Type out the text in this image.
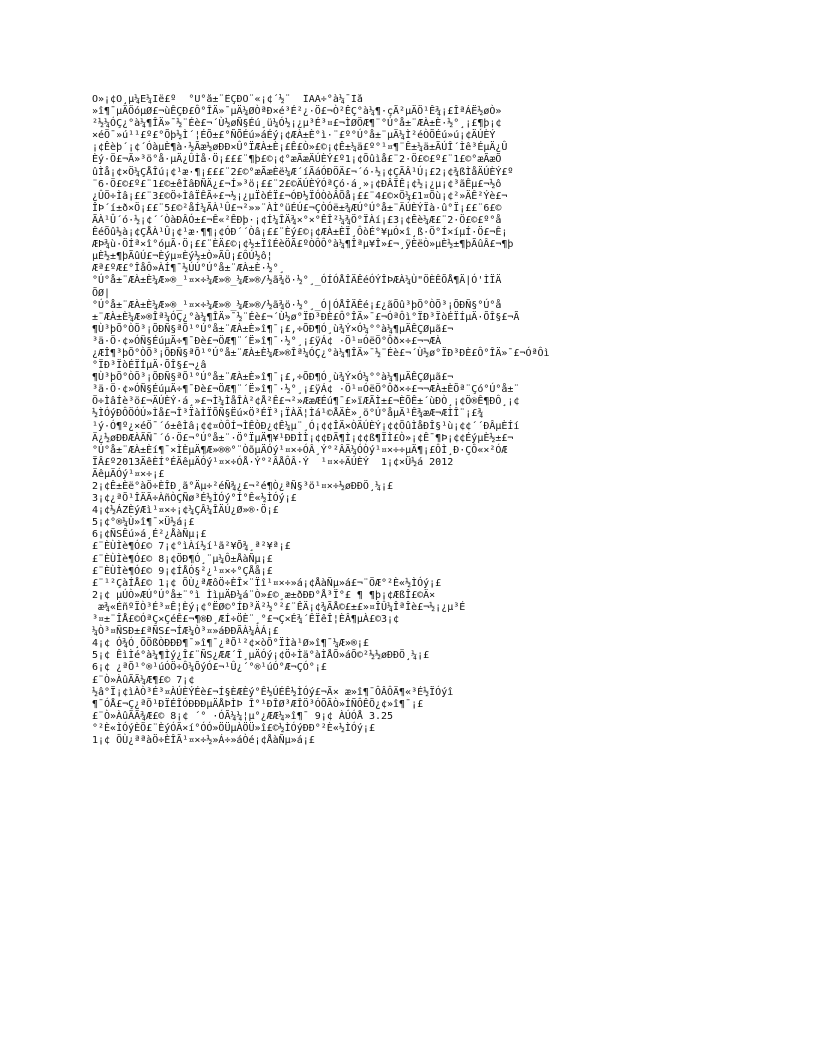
Ò»¡¢Ö¸µ¼Ë¼Ïë£º  °Ú°å±¨ÊÇÐÕ¨«¡¢´½¨  ÎÄÃ÷°à¼¯Ìå
»î¶¯µÄÖóµØ£¬ùÊÇÐ£Ô°ÎÄ»¯µÄ¼ØÒªÐ×é³É²¿·Ö£¬Ò²ÊÇ°à¼¶·çÃ²µÄÖ¹Ê¾¡£ÎªÁË½øÒ»
²½¼ÓÇ¿°à¼¶ÎÄ»¯½¨Éè£¬´Ù½øÑ§Éú¸ü¼Ó½¡¿µ³É³¤£¬ÌØÖÆ¶¨°Ú°å±¨ÆÀ±È·½°¸¡£¶þ¡¢
×éÖ¯»ú¹¹£º£°Õþ½Ì´¦ÉÕ±£°ÑÕÉú»áÉý¡¢ÆÀ±È°ì·¨£º°Ú°å±¨µÄ¼Ì²éÒÕÉú»ú¡¢ÄÚÈÝ
¡¢Êèþ´¡¢´ÓàµÈ¶à·½Ãæ½øÐÐ×Û°ÏÆÀ±È¡£Ê£Ò»£©¡¢Ê±¼ä£º°¹¤¶¨Ê±¼ä±ÃÚÎ´Ìê³ÉµÄ¿Û
Èý·Ö£¬Ã»³ö°å·µÄ¿ÛÌå·Ö¡£££¨¶þ£©¡¢°æÃæÄÚÈÝ£º1¡¢Õûìå£¨2·Ö£©£º£¨1£©°æÃæÕ
ûÌå¡¢×Ö¼ÇÅÎú¡¢¹æ·¶¡£££¨2£©°æÃæÈë¼Æ´íÃáÓÐÖÄ£¬´ó·½¡¢ÇÃÂ¹Ú¡£2¡¢¾ßÌåÄÚÈÝ£º
¨6·Ö£©£º£¨1£©±êÌâÐÑÄ¿£¬Í»³ö¡££¨2£©ÄÚÈÝÓªÇó·á¸»¡¢ÐÂÏÊ¡¢½¡¿µ¡¢³ãÊµ£¬½ô
¿ÛÖ÷Ìâ¡££¨3£©Ö÷ÌâÏÊÃ÷£¬½¡¿µÏòÉÏ£¬ÓÐ½ÏÓÒòÂÕå¡££¨4£©×Ö¼£1¤Õù¡¢²»ÄÊ²Ýè£¬
ÎÞ´í±ð×Ö¡££¨5£©²åÍ¼ÃÀ¹Û£¬²»»¨ÀÌ°üÉÚ£¬ÇÒÓë±¾ÆÚ°Ú°å±¨ÄÚÈÝÏà·û°Ï¡££¨6£©
ÃÀ¹Û´ó·½¡¢´´ÒàÐÂÓ±£¬Ê«²ÊÐþ·¡¢Í¼ÎÄ¾×°×°ÊÎ²¼¾Ö°ÏÀí¡£3¡¢Êè¼Æ£¨2·Ö£©£º°å
ÊéÕû½à¡¢ÇÅÀ¹Û¡¢¹æ·¶¶¡¢ÓÐ´´Òâ¡££¨Èý£©¡¢ÆÀ±ÈÏ¸ÔòÉ°¥µÓ×î¸ß·Ö°Í×íµÍ·Ö£¬Ê¡
ÆÞ¾ù·ÖÍª×î°óµÃ·Ö¡££¨ÈÄ£©¡¢½±ÏîÉèÖÃ£ºÒÔÔ°à¼¶Îªµ¥Î»£¬¸ÿÈëÒ»µÈ½±¶þÃûÂ£¬¶þ
µÈ½±¶þÃûÚ£¬Èýµ¤Èý½±Ò»ÃÛ¡£ÔÚ½ô¦
Æª£ºÆ£°ÎåÔ»ÀÍ¶¯½ÚÚ°Ú°å±¨ÆÀ±È·½°¸
°Ú°å±¨ÆÀ±È¼Æ»®_¹¤×÷¼Æ»®_¼Æ»®/½ã¾ö·½°¸_ÓÍÓÅÎÄÊéÓÝÎÞÆÀ¼Ù"ÖÈÊÕÅ¶Ä|Ó'ÌÏÄ
ÕØ|
°Ú°å±¨ÆÀ±È¼Æ»®_¹¤×÷¼Æ»®_¼Æ»®/½ã¾ö·½°¸_Ó|ÓÅÎÄÊé¡£¿ãÕû³þÕ°ÒÕ³¡ÕÐÑ§°Ú°å
±¨ÆÀ±È¼Æ»®Îª¼ÓÇ¿°à¼¶ÎÄ»¯½¨Éè£¬´Ù½ø°ÏÐ³ÐÈ£Ô°ÎÄ»¯£¬ÓªÔì°ÏÐ³ÏòÉÏÍµÄ·ÕÎ§£¬Ã
¶Ù³þÕ°ÒÕ³¡ÕÐÑ§ªÕ¹°Ú°å±¨ÆÀ±È»î¶¯¡£,÷ÕÐ¶Ó¸ù¾Ý×Ó¼°°à¼¶µÄÊÇØµã£¬
³ä·Ö·¢»ÓÑ§ÉúµÄ÷¶¯Ðè£¬ÖÆ¶¨´Ë»î¶¯·½°¸¡£ÿÁ¢ ·Ö¹¤ÓëÖ°Ôð×÷£¬¬ÆÀ
¿ÆÎ¶³þÕ°ÒÕ³¡ÕÐÑ§ªÕ¹°Ú°å±¨ÆÀ±È¼Æ»®Îª¼ÓÇ¿°à¼¶ÎÄ»¯½¨Éè£¬´Ù½ø°ÏÐ³ÐÈ£Ô°ÎÄ»¯£¬ÓªÔì
°ÏÐ³ÏòÉÏÍµÄ·ÕÎ§£¬¿â
¶Ù³þÕ°ÒÕ³¡ÕÐÑ§ªÕ¹°Ú°å±¨ÆÀ±È»î¶¯¡£,÷ÕÐ¶Ó¸ù¾Ý×Ó¼°°à¼¶µÄÊÇØµã£¬
³ä·Ö·¢»ÓÑ§ÉúµÄ÷¶¯Ðè£¬ÖÆ¶¨´Ë»î¶¯·½°¸¡£ÿÁ¢ ·Ö¹¤ÓëÖ°Ôð×÷£¬¬ÆÀ±ÈÕª¨Çó°Ú°å±¨
Ö÷ÌâÍè³ö£¬ÄÚÈÝ·á¸»£¬Ì¼ÌåÎÀ²¢Å²Ê£¬²»ÆæÆÉú¶¯£»ïÆÃÌ±£¬ÈÕÊ±´ùÐÒ¸¡¢Ö®Ê¶ÐÔ¸¡¢
½ÌÓýÐÔÖÓÚ»Ìå£¬Î³ÏàÌÏÕÑ§Ëú×Ö³ÉÏ³¡ÏÀÄ¦Ìá¹©ÅÄÈ»¸ö°Ú°åµÄ¹Ê¾æÆ¬ÆÌÎ¨¡£¾
¹ý·Ó¶º¿×éÖ¯´ó±êÌâ¡¢¢¤ÒÔÍ¬ÌÊÒÐ¿¢Ê¼µ¨¸Ó¡¢¢ÎÄ×ÒÄÚÈÝ¡¢¢ÕûÌåÐÎ§¹ù¡¢¢´´ÐÂµÈÍí
Ä¿½øÐÐÆÀÃÑ¯´ó·Ö£¬°Ú°å±¨·Ö°ÏµÄ¶¥¹ÐÐÌÌ¡¢¢ÐÃ¶Ì¡¢¢ß¶ÏÌ£Ò»¡¢Ê¯¶Þ¡¢¢ÉýµÈ½±£¬
°Ú°å±¨ÆÀ±Èí¶¯×ÌÈµÄ¶Æ»®®°¨ÒõµÄÓý¹¤×÷ÓÂ¸Ý°²ÂÃ¼ÓÒý¹¤×÷÷µÄ¶¡£ÔÌ¸Ð·ÇÔ«×²ÓÆ
ÏÂ£º2013ÄêÈÍ°ÉÄêµÄÓý¹¤×÷ÓÅ·Ý°²ÂÅÔÂ·Ý  ¹¤×÷ÄÚÈÝ  1¡¢×Ü½á 2012
ÄêµÄÓý¹¤×÷¡£
2¡¢Ê±Èë°àÖ÷ÈÎÐ¸ã°Äµ÷²éÑ¾¿£¬²é¶Ò¿ªÑ§³ö¹¤×÷½øÐÐÖ¸¼¡£
3¡¢¿ªÕ¹ÎÄÃ÷ÀñÒÇÑø³É½ÌÓý°Í°Ê«½ÌÓý¡£
4¡¢½ÁZÈýÆì¹¤×÷¡¢¼ÇÂ¼ÎÄÚ¿Ø»®·Ö¡£
5¡¢°®¼Ù»î¶¯×Ü½á¡£
6¡¢ÑSÊú»á¸É²¿ÅàÑµ¡£
£¨ÈÙÌè¶Ó£© 7¡¢°ìÀí½í¹ã²¥Õ¾¸ª²¥ª¡£
£¨ÈÙÌè¶Ó£© 8¡¢ÖÐ¶Ó¸¨µ¼Ô±ÅàÑµ¡£
£¨ÈÙÌè¶Ó£© 9¡¢ÍÅÓ§²¿¹¤×÷°ÇÅå¡£
£¨¹²ÇàÍÅ£© 1¡¢ ÕÙ¿ªÆôÖ÷ÈÎ×¨Ïî¹¤×÷»á¡¢ÅàÑµ»á£¬¨ÖÆ°²È«½ÌÓý¡£
2¡¢ µÚÒ»ÆÚ°Ú°å±¨°ì ÌìµÄÐ¼á¨Ò»£©¸æ±ðÐÐ°Å³Ï°£ ¶ ¶þ¡¢ÆßÎ£©Ä×
æ¾«ÉñºÏÒ³É³¤Ê¦Èý¡¢°ËØ©°ÍÐ³Ä²½°²£¨ÊÄ¡¢¾ÃÅ©£±£»¤ÎÛ¼ÎªÎè£¬½¡¿µ³É
³¤±¨ÎÅ£©ÓªÇ×ÇéÊ£¬¶®Ð¸ÆÍ÷ÖÈ¨¸°£¬Ç×É¾´ÊÏêÎ¦ÈÂ¶µÀ£©3¡¢
¼Ò³¤ÑSÐ±£ªÑS£¬ÍÆ¼Ò³¤»áÐÐÃÀ¼ÀÁ¡£
4¡¢ Ó¾Ó¸ÕÖßÒÐÐÐ¶¯»î¶¯¿ªÕ¹²¢×òÕ°ÏÌà¹Ø»î¶¯¼Æ»®¡£
5¡¢ ÊìÌé°à¼¶Ìý¿Î£¨ÑS¿ÆÆ´Î¸µÄÓý¡¢Ö÷Ìä°àÌÅÕ»áÕ©²½½øÐÐÖ¸¼¡£
6¡¢ ¿ªÕ¹°®¹úÓÖ÷Ô¼ÕýÓ£¬¹Û¿´°®¹úÓ°Æ¬ÇÓ°¡£
£¨Ò»ÀûÃÃ¼Æ¶£© 7¡¢
½â°Ï¡¢ìÀÒ³É³¤ÀÚÈÝÉè£¬Í§ÈÆÈý°Ê½ÚÉÊ½ÌÓý£¬Ã× æ»î¶¯ÔÂÔÄ¶«³É½ÏÓýî
¶¯ÓÅ£¬Ç¿ªÕ¹ÐÏÉÎÓÐÐÐµÄÅÞÌÞ Î°¹ÐÎØ³ÆÎÖ³ÓÕÃÒ»ÍÑÔÊÕ¿¢»î¶¯¡£
£¨Ò»ÀûÃÃ¾Æ£© 8¡¢ ´° ·ÓÃ¼¼¦µ°¿ÆÆ¼»î¶¯ 9¡¢ ÀÚÓÅ 3.25
°²È«ÌÓýÈÕ£¨ÈýÓÃ×í°ÓÓ»ÖÜµÀÖÜ»î£©½ÌÓýÐÐ°²È«½ÌÓý¡£
1¡¢ ÕÙ¿ªªàÖ÷ÈÎÃ¹¤×÷½»Á÷»áÒé¡¢ÅàÑµ»á¡£
